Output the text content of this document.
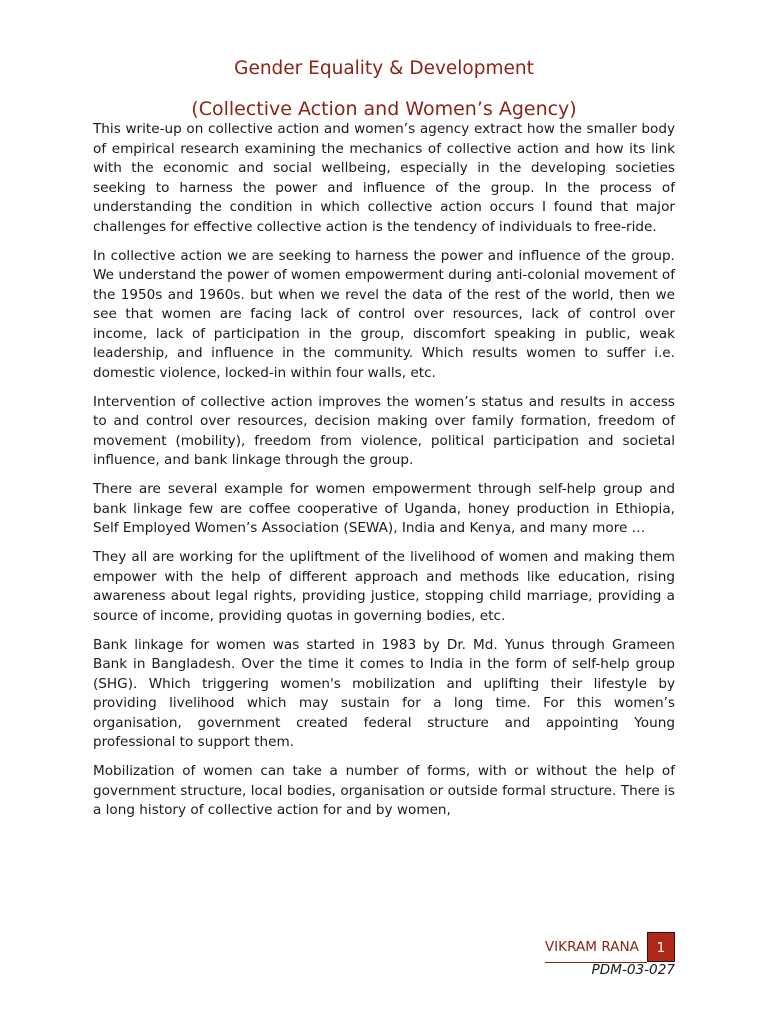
Gender Equality & Development
(Collective Action and Women’s Agency)

This write-up on collective action and women’s agency extract how the smaller body of empirical research examining the mechanics of collective action and how its link with the economic and social wellbeing, especially in the developing societies seeking to harness the power and influence of the group. In the process of understanding the condition in which collective action occurs I found that major challenges for effective collective action is the tendency of individuals to free-ride.

In collective action we are seeking to harness the power and influence of the group. We understand the power of women empowerment during anti-colonial movement of the 1950s and 1960s. but when we revel the data of the rest of the world, then we see that women are facing lack of control over resources, lack of control over income, lack of participation in the group, discomfort speaking in public, weak leadership, and influence in the community. Which results women to suffer i.e. domestic violence, locked-in within four walls, etc.

Intervention of collective action improves the women’s status and results in access to and control over resources, decision making over family formation, freedom of movement (mobility), freedom from violence, political participation and societal influence, and bank linkage through the group.

There are several example for women empowerment through self-help group and bank linkage few are coffee cooperative of Uganda, honey production in Ethiopia, Self Employed Women’s Association (SEWA), India and Kenya, and many more …

They all are working for the upliftment of the livelihood of women and making them empower with the help of different approach and methods like education, rising awareness about legal rights, providing justice, stopping child marriage, providing a source of income, providing quotas in governing bodies, etc.

Bank linkage for women was started in 1983 by Dr. Md. Yunus through Grameen Bank in Bangladesh. Over the time it comes to India in the form of self-help group (SHG). Which triggering women's mobilization and uplifting their lifestyle by providing livelihood which may sustain for a long time. For this women’s organisation, government created federal structure and appointing Young professional to support them.

Mobilization of women can take a number of forms, with or without the help of government structure, local bodies, organisation or outside formal structure. There is a long history of collective action for and by women,

VIKRAM RANA	1
PDM-03-027
